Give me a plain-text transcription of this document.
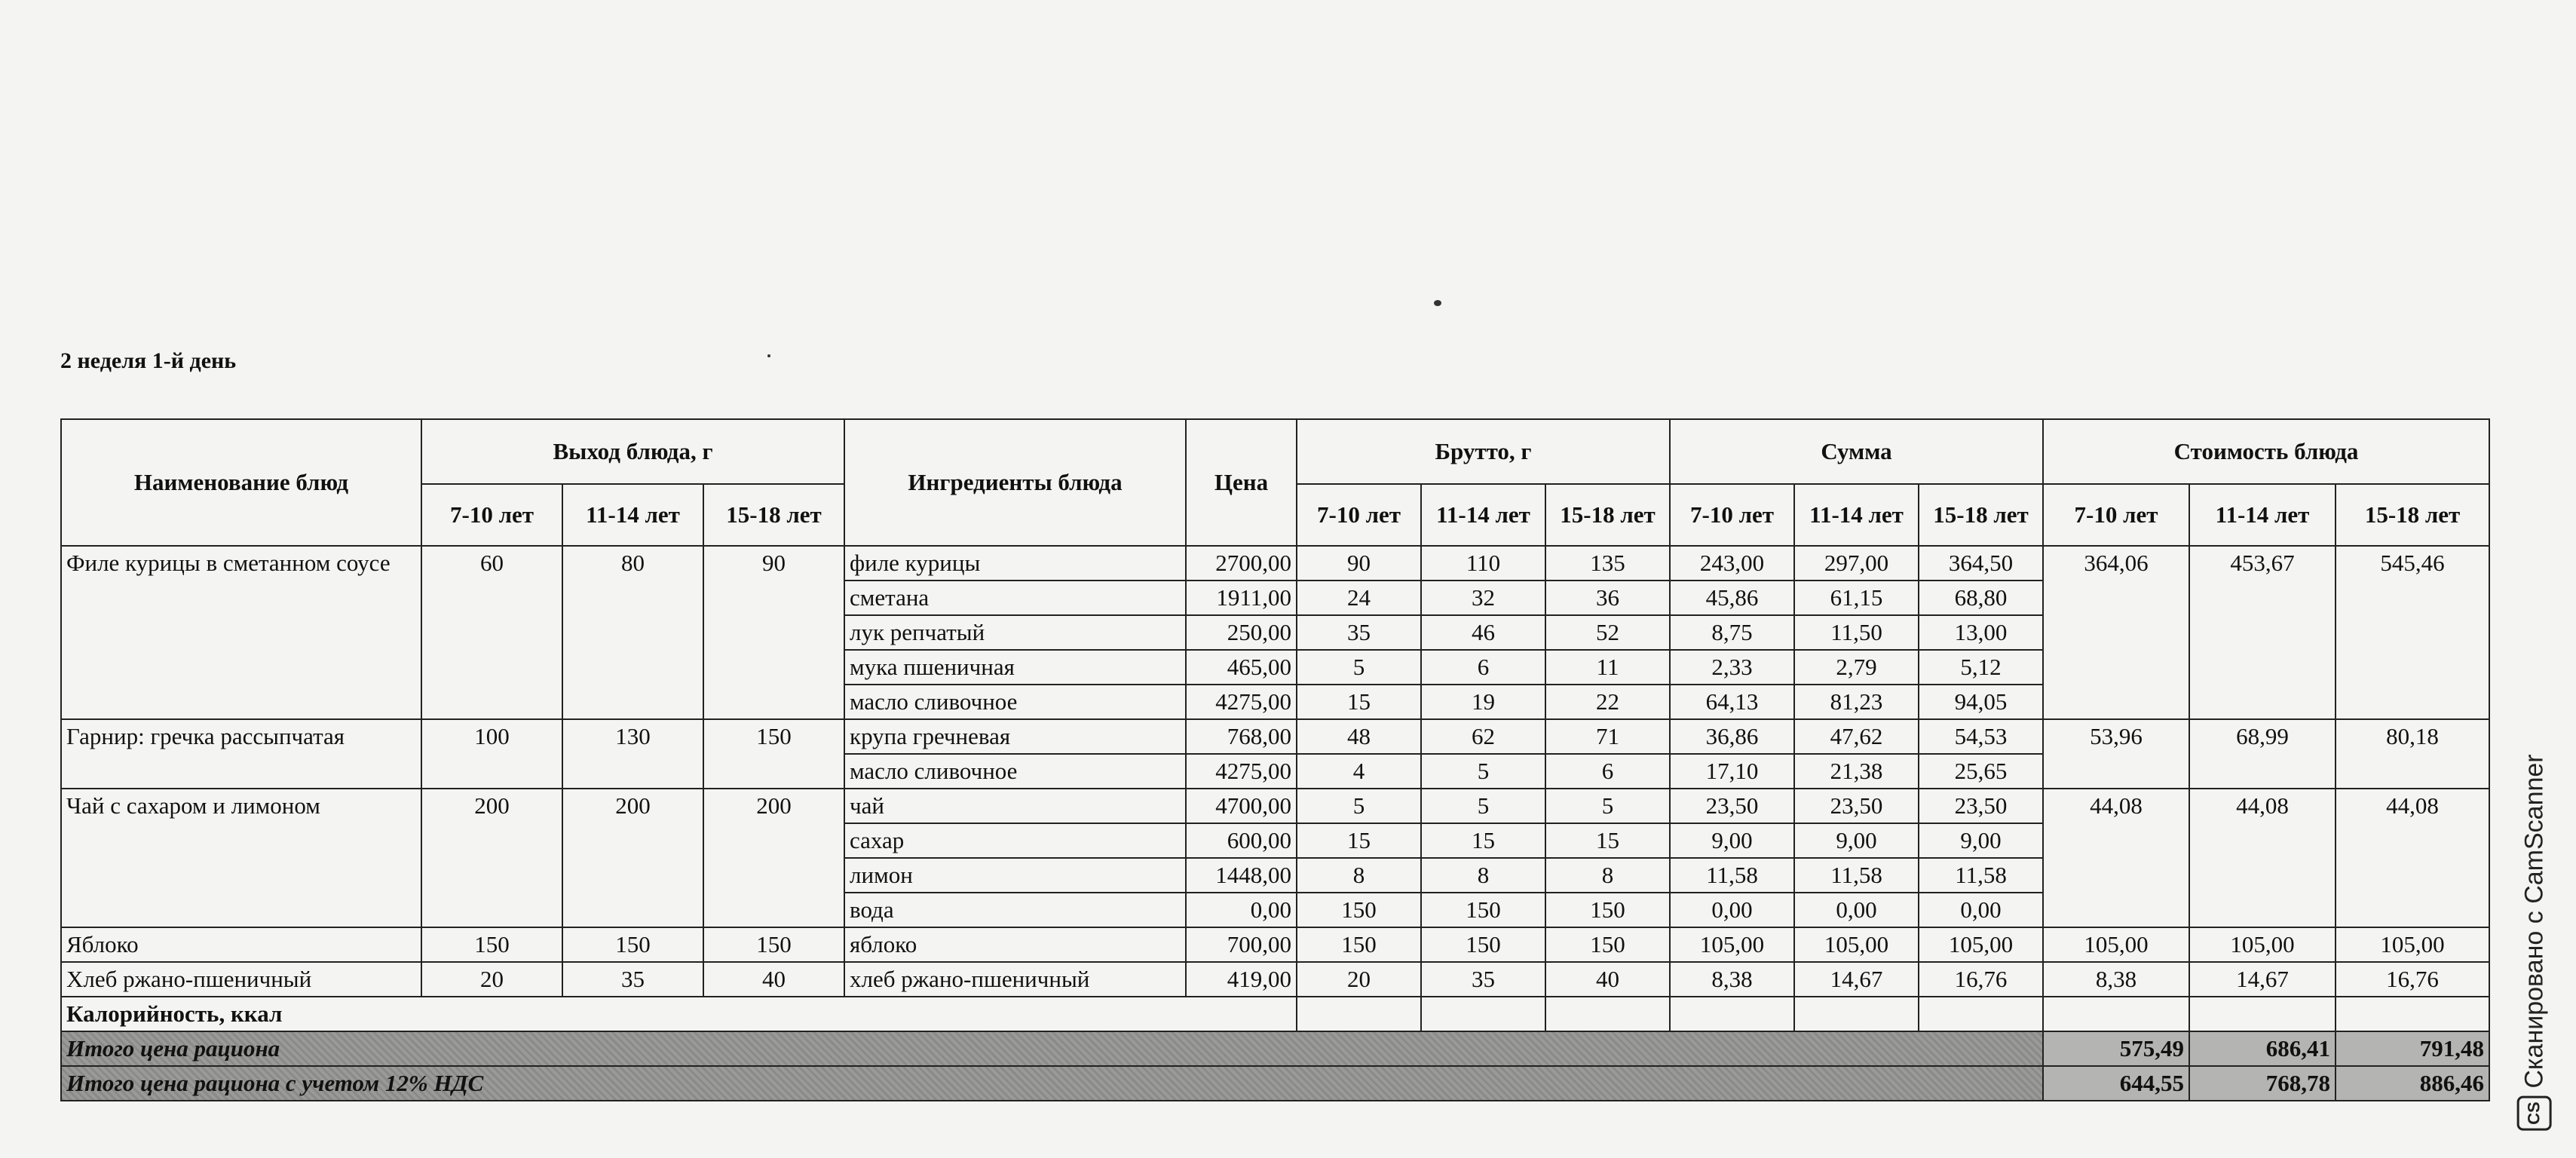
2 неделя 1-й день
Наименование блюд	Выход блюда, г			Ингредиенты блюда	Цена	Брутто, г			Сумма			Стоимость блюда		
	7-10 лет	11-14 лет	15-18 лет			7-10 лет	11-14 лет	15-18 лет	7-10 лет	11-14 лет	15-18 лет	7-10 лет	11-14 лет	15-18 лет
Филе курицы в сметанном соусе	60	80	90	филе курицы	2700,00	90	110	135	243,00	297,00	364,50	364,06	453,67	545,46
				сметана	1911,00	24	32	36	45,86	61,15	68,80			
				лук репчатый	250,00	35	46	52	8,75	11,50	13,00			
				мука пшеничная	465,00	5	6	11	2,33	2,79	5,12			
				масло сливочное	4275,00	15	19	22	64,13	81,23	94,05			
Гарнир: гречка рассыпчатая	100	130	150	крупа гречневая	768,00	48	62	71	36,86	47,62	54,53	53,96	68,99	80,18
				масло сливочное	4275,00	4	5	6	17,10	21,38	25,65			
Чай с сахаром и лимоном	200	200	200	чай	4700,00	5	5	5	23,50	23,50	23,50	44,08	44,08	44,08
				сахар	600,00	15	15	15	9,00	9,00	9,00			
				лимон	1448,00	8	8	8	11,58	11,58	11,58			
				вода	0,00	150	150	150	0,00	0,00	0,00			
Яблоко	150	150	150	яблоко	700,00	150	150	150	105,00	105,00	105,00	105,00	105,00	105,00
Хлеб ржано-пшеничный	20	35	40	хлеб ржано-пшеничный	419,00	20	35	40	8,38	14,67	16,76	8,38	14,67	16,76
Калорийность, ккал														
Итого цена рациона												575,49	686,41	791,48
Итого цена рациона с учетом 12% НДС												644,55	768,78	886,46
CS
Сканировано с CamScanner
